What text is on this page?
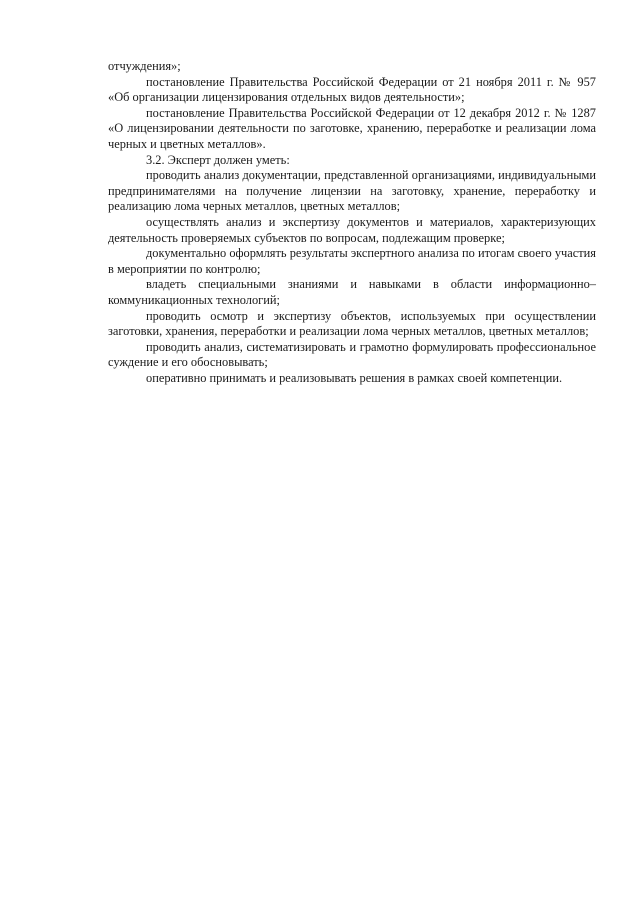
отчуждения»;

постановление Правительства Российской Федерации от 21 ноября 2011 г. № 957 «Об организации лицензирования отдельных видов деятельности»;

постановление Правительства Российской Федерации от 12 декабря 2012 г. № 1287 «О лицензировании деятельности по заготовке, хранению, переработке и реализации лома черных и цветных металлов».

3.2. Эксперт должен уметь:

проводить анализ документации, представленной организациями, индивидуальными предпринимателями на получение лицензии на заготовку, хранение, переработку и реализацию лома черных металлов, цветных металлов;

осуществлять анализ и экспертизу документов и материалов, характеризующих деятельность проверяемых субъектов по вопросам, подлежащим проверке;

документально оформлять результаты экспертного анализа по итогам своего участия в мероприятии по контролю;

владеть специальными знаниями и навыками в области информационно–коммуникационных технологий;

проводить осмотр и экспертизу объектов, используемых при осуществлении заготовки, хранения, переработки и реализации лома черных металлов, цветных металлов;

проводить анализ, систематизировать и грамотно формулировать профессиональное суждение и его обосновывать;

оперативно принимать и реализовывать решения в рамках своей компетенции.
